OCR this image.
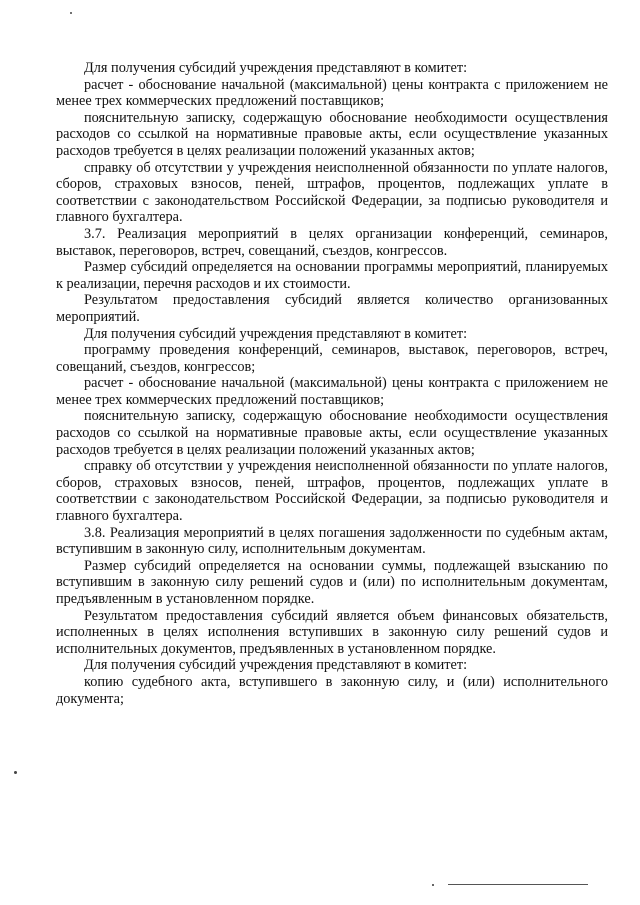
Для получения субсидий учреждения представляют в комитет:

расчет - обоснование начальной (максимальной) цены контракта с приложением не менее трех коммерческих предложений поставщиков;

пояснительную записку, содержащую обоснование необходимости осуществления расходов со ссылкой на нормативные правовые акты, если осуществление указанных расходов требуется в целях реализации положений указанных актов;

справку об отсутствии у учреждения неисполненной обязанности по уплате налогов, сборов, страховых взносов, пеней, штрафов, процентов, подлежащих уплате в соответствии с законодательством Российской Федерации, за подписью руководителя и главного бухгалтера.

3.7. Реализация мероприятий в целях организации конференций, семинаров, выставок, переговоров, встреч, совещаний, съездов, конгрессов.

Размер субсидий определяется на основании программы мероприятий, планируемых к реализации, перечня расходов и их стоимости.

Результатом предоставления субсидий является количество организованных мероприятий.

Для получения субсидий учреждения представляют в комитет:

программу проведения конференций, семинаров, выставок, переговоров, встреч, совещаний, съездов, конгрессов;

расчет - обоснование начальной (максимальной) цены контракта с приложением не менее трех коммерческих предложений поставщиков;

пояснительную записку, содержащую обоснование необходимости осуществления расходов со ссылкой на нормативные правовые акты, если осуществление указанных расходов требуется в целях реализации положений указанных актов;

справку об отсутствии у учреждения неисполненной обязанности по уплате налогов, сборов, страховых взносов, пеней, штрафов, процентов, подлежащих уплате в соответствии с законодательством Российской Федерации, за подписью руководителя и главного бухгалтера.

3.8. Реализация мероприятий в целях погашения задолженности по судебным актам, вступившим в законную силу, исполнительным документам.

Размер субсидий определяется на основании суммы, подлежащей взысканию по вступившим в законную силу решений судов и (или) по исполнительным документам, предъявленным в установленном порядке.

Результатом предоставления субсидий является объем финансовых обязательств, исполненных в целях исполнения вступивших в законную силу решений судов и исполнительных документов, предъявленных в установленном порядке.

Для получения субсидий учреждения представляют в комитет:

копию судебного акта, вступившего в законную силу, и (или) исполнительного документа;
